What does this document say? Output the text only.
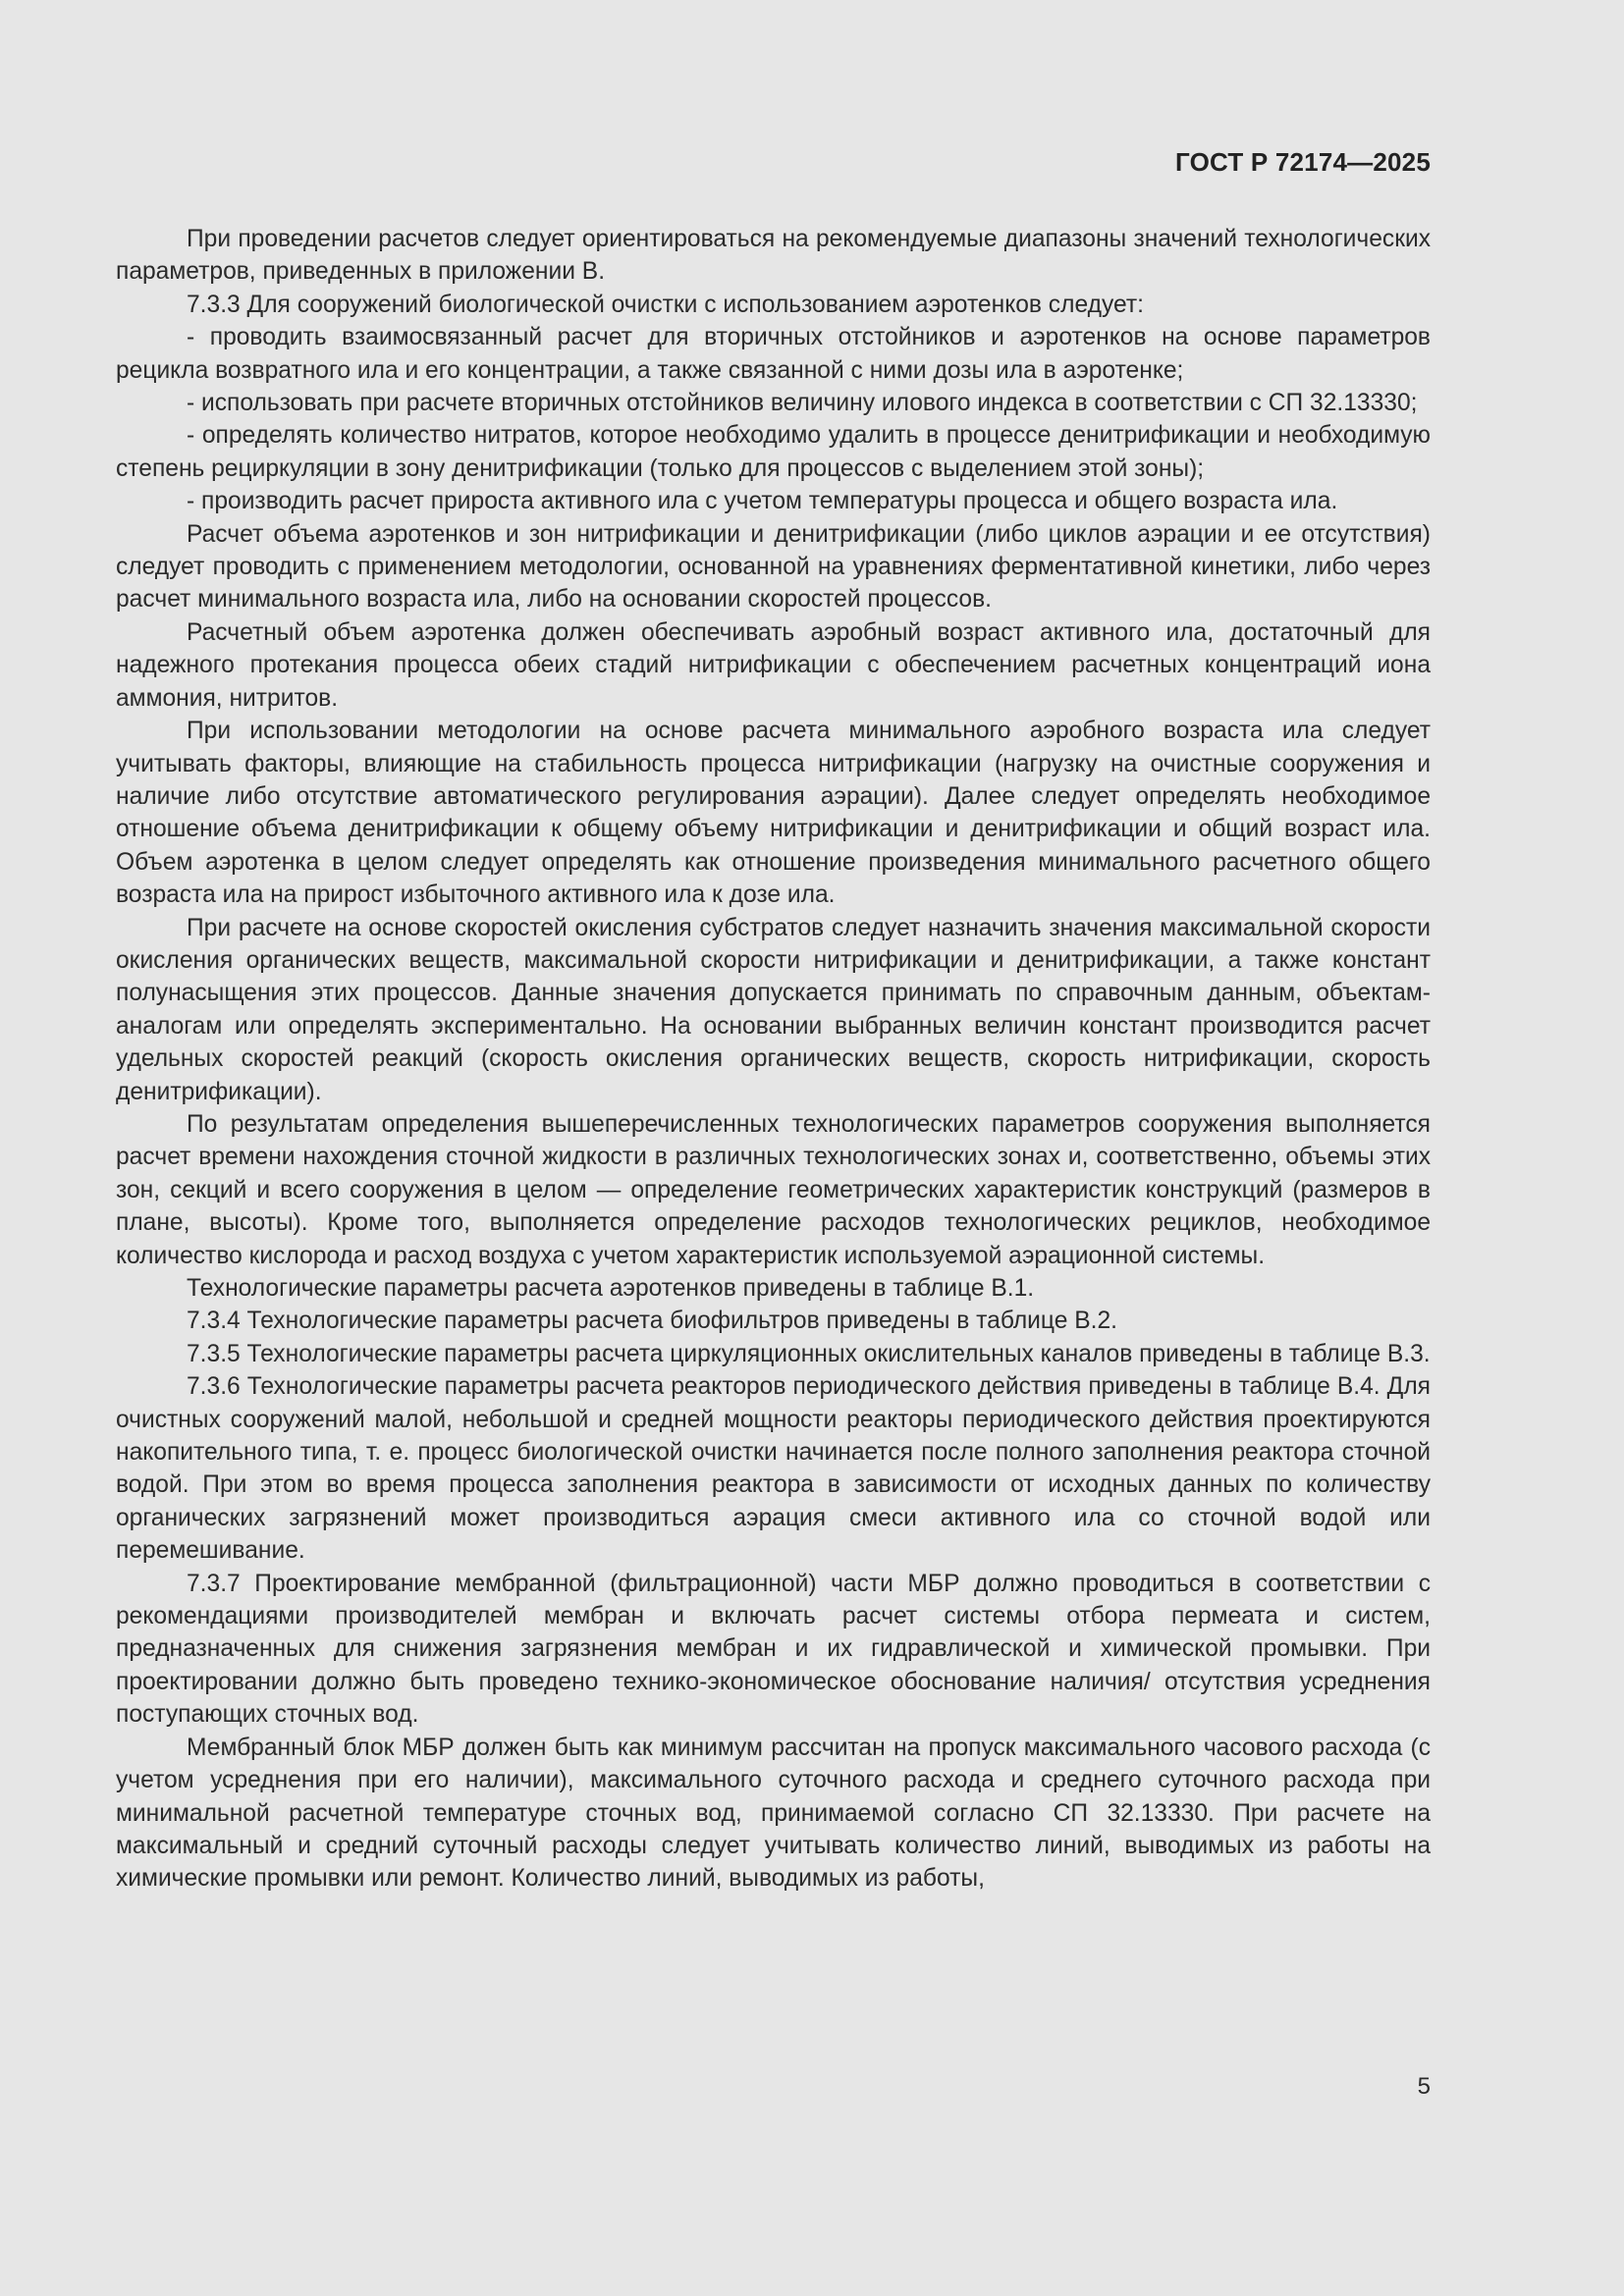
ГОСТ Р 72174—2025

При проведении расчетов следует ориентироваться на рекомендуемые диапазоны значений технологических параметров, приведенных в приложении В.

7.3.3 Для сооружений биологической очистки с использованием аэротенков следует:

- проводить взаимосвязанный расчет для вторичных отстойников и аэротенков на основе параметров рецикла возвратного ила и его концентрации, а также связанной с ними дозы ила в аэротенке;

- использовать при расчете вторичных отстойников величину илового индекса в соответствии с СП 32.13330;

- определять количество нитратов, которое необходимо удалить в процессе денитрификации и необходимую степень рециркуляции в зону денитрификации (только для процессов с выделением этой зоны);

- производить расчет прироста активного ила с учетом температуры процесса и общего возраста ила.

Расчет объема аэротенков и зон нитрификации и денитрификации (либо циклов аэрации и ее отсутствия) следует проводить с применением методологии, основанной на уравнениях ферментативной кинетики, либо через расчет минимального возраста ила, либо на основании скоростей процессов.

Расчетный объем аэротенка должен обеспечивать аэробный возраст активного ила, достаточный для надежного протекания процесса обеих стадий нитрификации с обеспечением расчетных концентраций иона аммония, нитритов.

При использовании методологии на основе расчета минимального аэробного возраста ила следует учитывать факторы, влияющие на стабильность процесса нитрификации (нагрузку на очистные сооружения и наличие либо отсутствие автоматического регулирования аэрации). Далее следует определять необходимое отношение объема денитрификации к общему объему нитрификации и денитрификации и общий возраст ила. Объем аэротенка в целом следует определять как отношение произведения минимального расчетного общего возраста ила на прирост избыточного активного ила к дозе ила.

При расчете на основе скоростей окисления субстратов следует назначить значения максимальной скорости окисления органических веществ, максимальной скорости нитрификации и денитрификации, а также констант полунасыщения этих процессов. Данные значения допускается принимать по справочным данным, объектам-аналогам или определять экспериментально. На основании выбранных величин констант производится расчет удельных скоростей реакций (скорость окисления органических веществ, скорость нитрификации, скорость денитрификации).

По результатам определения вышеперечисленных технологических параметров сооружения выполняется расчет времени нахождения сточной жидкости в различных технологических зонах и, соответственно, объемы этих зон, секций и всего сооружения в целом — определение геометрических характеристик конструкций (размеров в плане, высоты). Кроме того, выполняется определение расходов технологических рециклов, необходимое количество кислорода и расход воздуха с учетом характеристик используемой аэрационной системы.

Технологические параметры расчета аэротенков приведены в таблице В.1.

7.3.4 Технологические параметры расчета биофильтров приведены в таблице В.2.

7.3.5 Технологические параметры расчета циркуляционных окислительных каналов приведены в таблице В.3.

7.3.6 Технологические параметры расчета реакторов периодического действия приведены в таблице В.4. Для очистных сооружений малой, небольшой и средней мощности реакторы периодического действия проектируются накопительного типа, т. е. процесс биологической очистки начинается после полного заполнения реактора сточной водой. При этом во время процесса заполнения реактора в зависимости от исходных данных по количеству органических загрязнений может производиться аэрация смеси активного ила со сточной водой или перемешивание.

7.3.7 Проектирование мембранной (фильтрационной) части МБР должно проводиться в соответствии с рекомендациями производителей мембран и включать расчет системы отбора пермеата и систем, предназначенных для снижения загрязнения мембран и их гидравлической и химической промывки. При проектировании должно быть проведено технико-экономическое обоснование наличия/ отсутствия усреднения поступающих сточных вод.

Мембранный блок МБР должен быть как минимум рассчитан на пропуск максимального часового расхода (с учетом усреднения при его наличии), максимального суточного расхода и среднего суточного расхода при минимальной расчетной температуре сточных вод, принимаемой согласно СП 32.13330. При расчете на максимальный и средний суточный расходы следует учитывать количество линий, выводимых из работы на химические промывки или ремонт. Количество линий, выводимых из работы,

5
